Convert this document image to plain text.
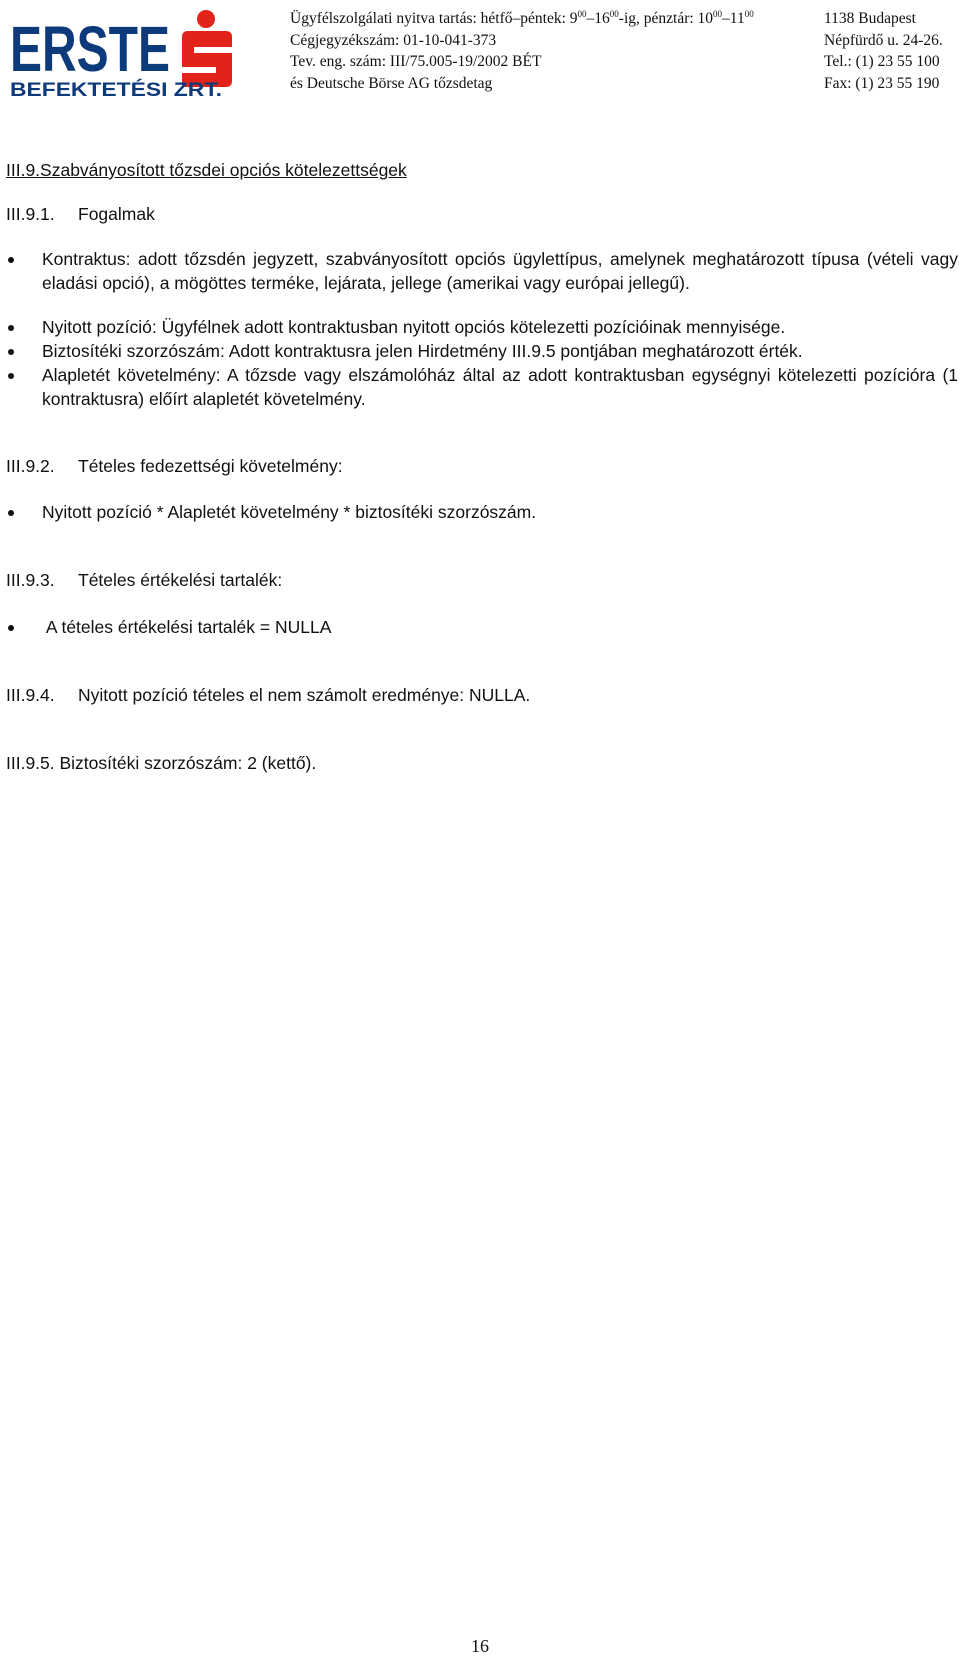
ERSTE
BEFEKTETÉSI ZRT.
Ügyfélszolgálati nyitva tartás: hétfő–péntek: $9^{00}-16^{00}-ig$, pénztár: $10^{00}-11^{00}$
Cégjegyzékszám: 01-10-041-373
Tev. eng. szám: III/75.005-19/2002 BÉT
és Deutsche Börse AG tőzsdetag
1138 Budapest
Népfürdő u. 24-26.
Tel.: (1) 23 55 100
Fax: (1) 23 55 190
III.9.Szabványosított tőzsdei opciós kötelezettségek
III.9.1. Fogalmak
Kontraktus: adott tőzsdén jegyzett, szabványosított opciós ügylettípus, amelynek meghatározott típusa (vételi vagy eladási opció), a mögöttes terméke, lejárata, jellege (amerikai vagy európai jellegű).
Nyitott pozíció: Ügyfélnek adott kontraktusban nyitott opciós kötelezetti pozícióinak mennyisége.
Biztosítéki szorzószám: Adott kontraktusra jelen Hirdetmény III.9.5 pontjában meghatározott érték.
Alapletét követelmény: A tőzsde vagy elszámolóház által az adott kontraktusban egységnyi kötelezetti pozícióra (1 kontraktusra) előírt alapletét követelmény.
III.9.2. Tételes fedezettségi követelmény:
Nyitott pozíció * Alapletét követelmény * biztosítéki szorzószám.
III.9.3. Tételes értékelési tartalék:
A tételes értékelési tartalék = NULLA
III.9.4. Nyitott pozíció tételes el nem számolt eredménye: NULLA.
III.9.5. Biztosítéki szorzószám: 2 (kettő).
16
